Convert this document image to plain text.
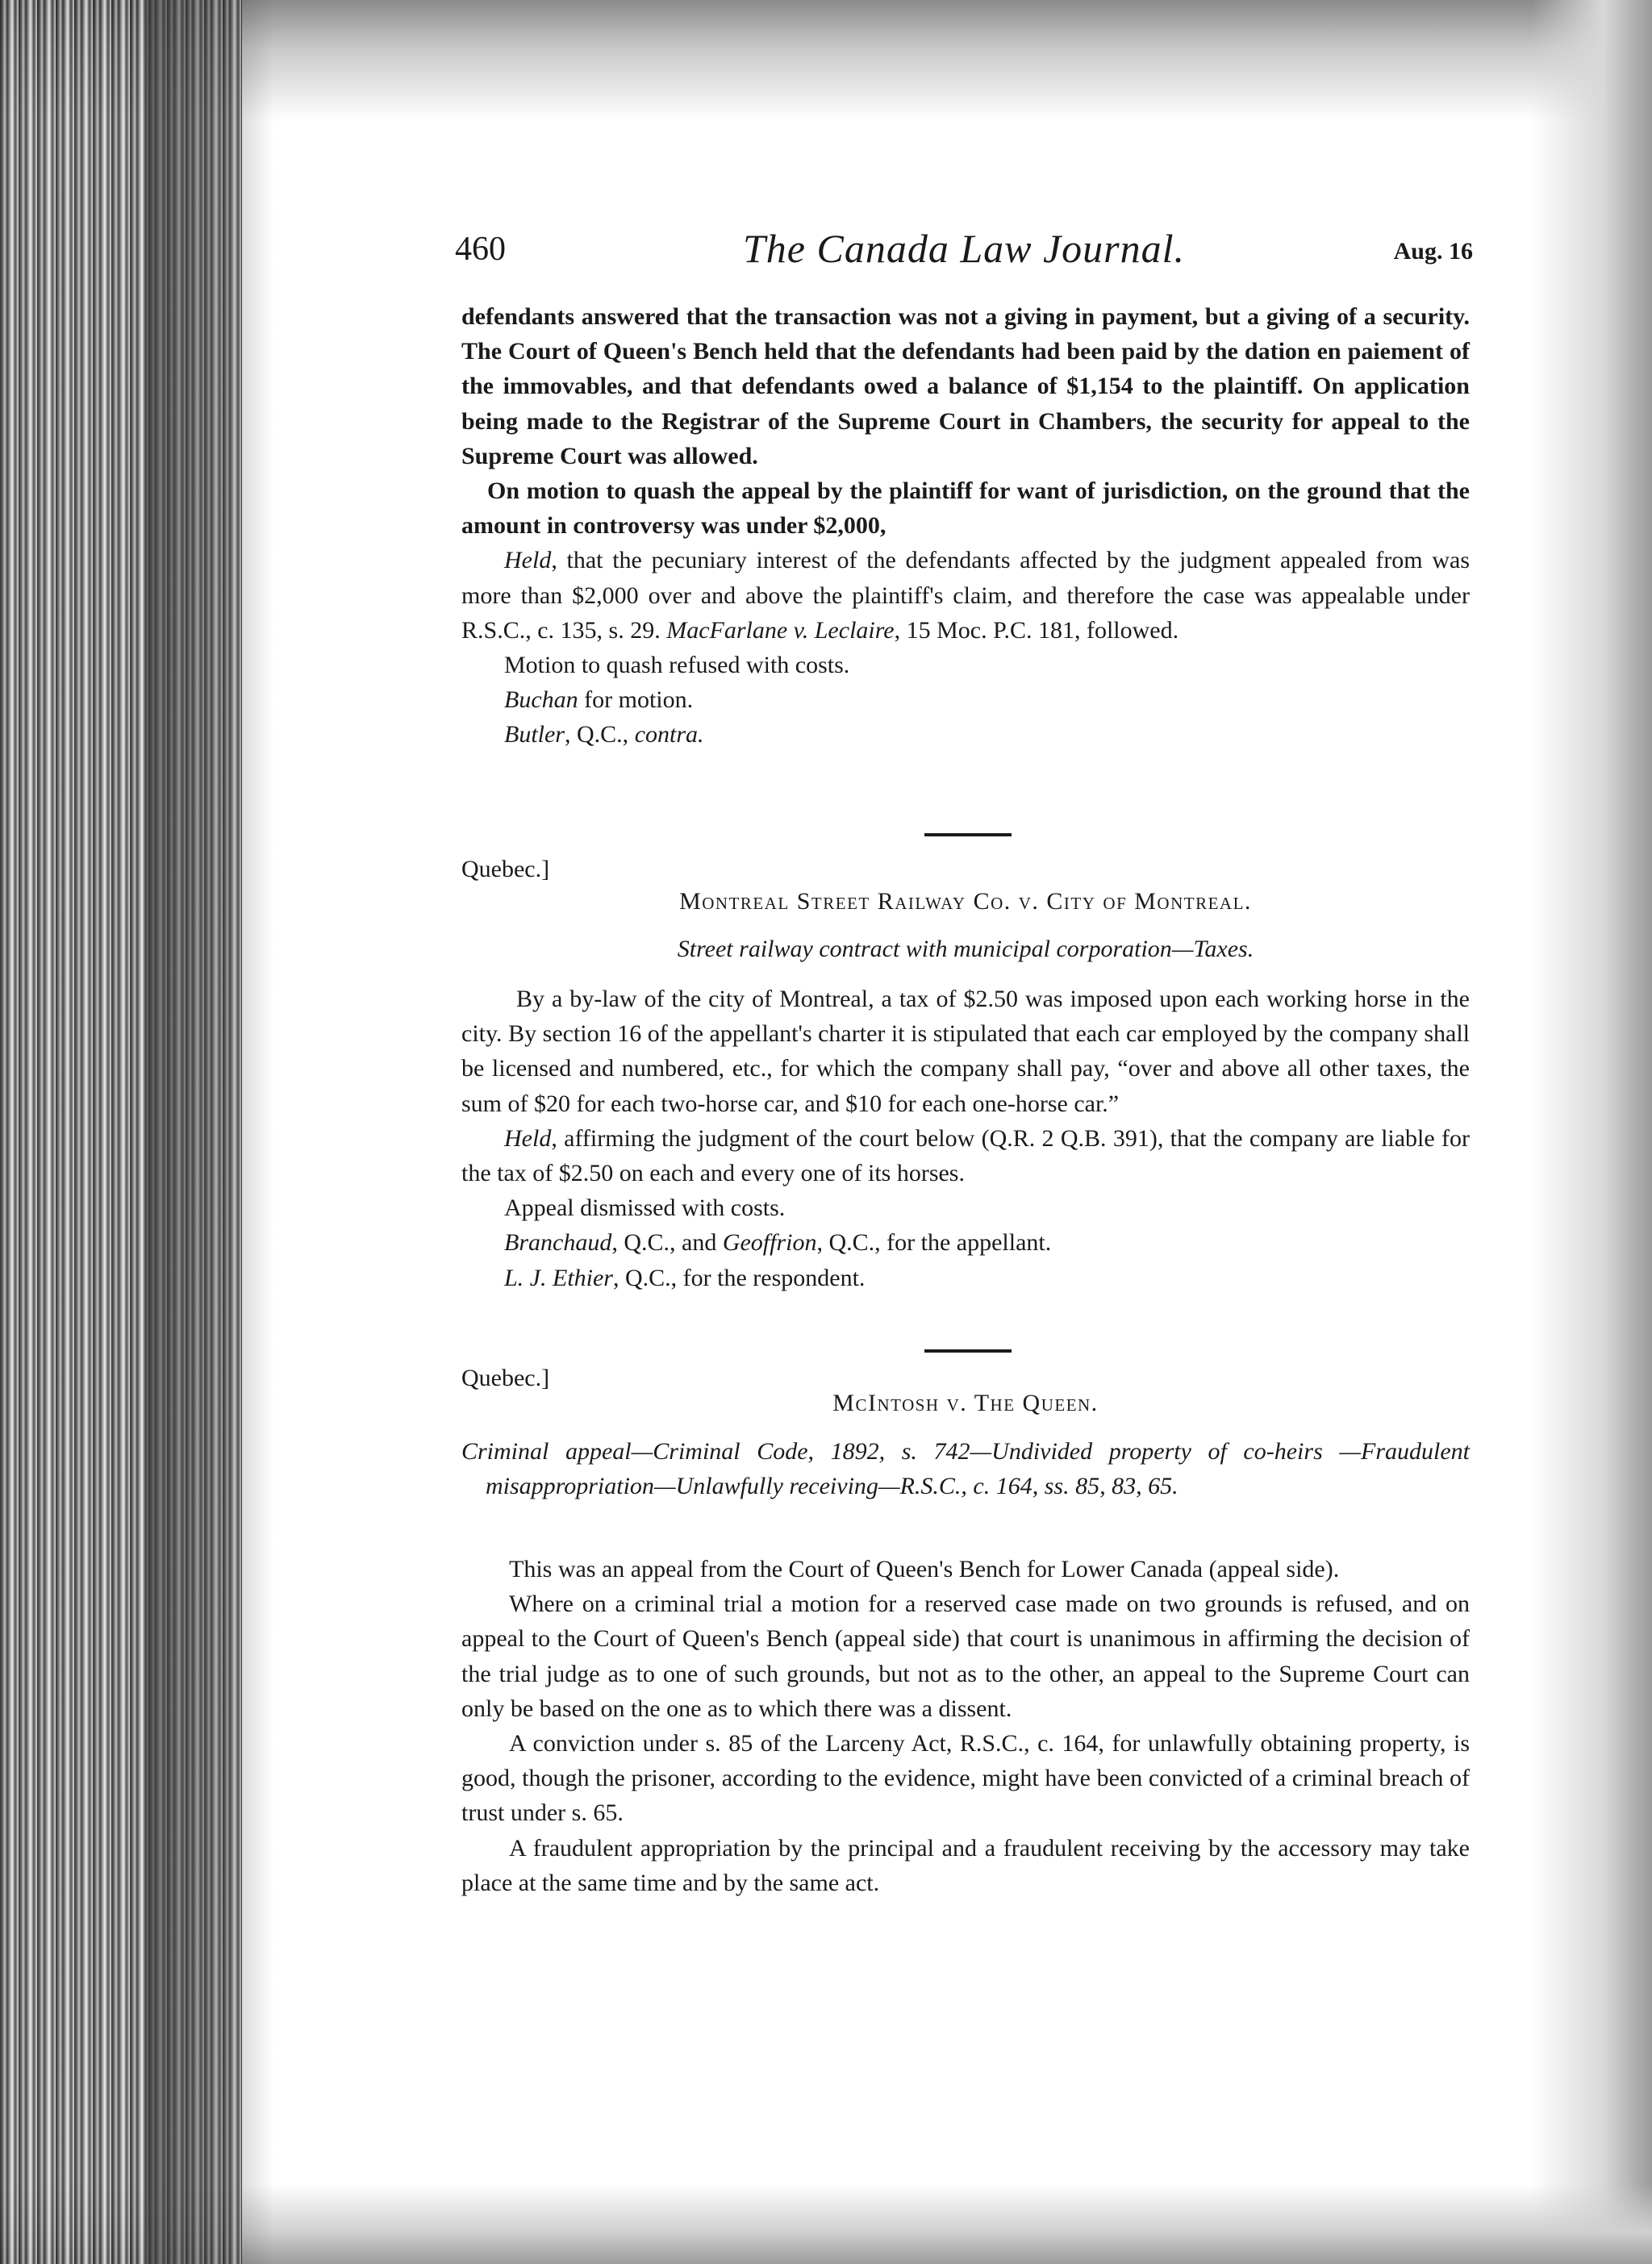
460	The Canada Law Journal.	Aug. 16

defendants answered that the transaction was not a giving in payment, but a giving of a security. The Court of Queen's Bench held that the defendants had been paid by the dation en paiement of the immovables, and that defendants owed a balance of $1,154 to the plaintiff. On application being made to the Registrar of the Supreme Court in Chambers, the security for appeal to the Supreme Court was allowed.

On motion to quash the appeal by the plaintiff for want of jurisdiction, on the ground that the amount in controversy was under $2,000,

Held, that the pecuniary interest of the defendants affected by the judgment appealed from was more than $2,000 over and above the plaintiff's claim, and therefore the case was appealable under R.S.C., c. 135, s. 29. MacFarlane v. Leclaire, 15 Moc. P.C. 181, followed.

Motion to quash refused with costs.

Buchan for motion.

Butler, Q.C., contra.

Quebec.]
Montreal Street Railway Co. v. City of Montreal.
Street railway contract with municipal corporation—Taxes.

By a by-law of the city of Montreal, a tax of $2.50 was imposed upon each working horse in the city. By section 16 of the appellant's charter it is stipulated that each car employed by the company shall be licensed and numbered, etc., for which the company shall pay, “over and above all other taxes, the sum of $20 for each two-horse car, and $10 for each one-horse car.”

Held, affirming the judgment of the court below (Q.R. 2 Q.B. 391), that the company are liable for the tax of $2.50 on each and every one of its horses.

Appeal dismissed with costs.

Branchaud, Q.C., and Geoffrion, Q.C., for the appellant.

L. J. Ethier, Q.C., for the respondent.

Quebec.]
McIntosh v. The Queen.

Criminal appeal—Criminal Code, 1892, s. 742—Undivided property of co-heirs —Fraudulent misappropriation—Unlawfully receiving—R.S.C., c. 164, ss. 85, 83, 65.

This was an appeal from the Court of Queen's Bench for Lower Canada (appeal side).

Where on a criminal trial a motion for a reserved case made on two grounds is refused, and on appeal to the Court of Queen's Bench (appeal side) that court is unanimous in affirming the decision of the trial judge as to one of such grounds, but not as to the other, an appeal to the Supreme Court can only be based on the one as to which there was a dissent.

A conviction under s. 85 of the Larceny Act, R.S.C., c. 164, for unlawfully obtaining property, is good, though the prisoner, according to the evidence, might have been convicted of a criminal breach of trust under s. 65.

A fraudulent appropriation by the principal and a fraudulent receiving by the accessory may take place at the same time and by the same act.
